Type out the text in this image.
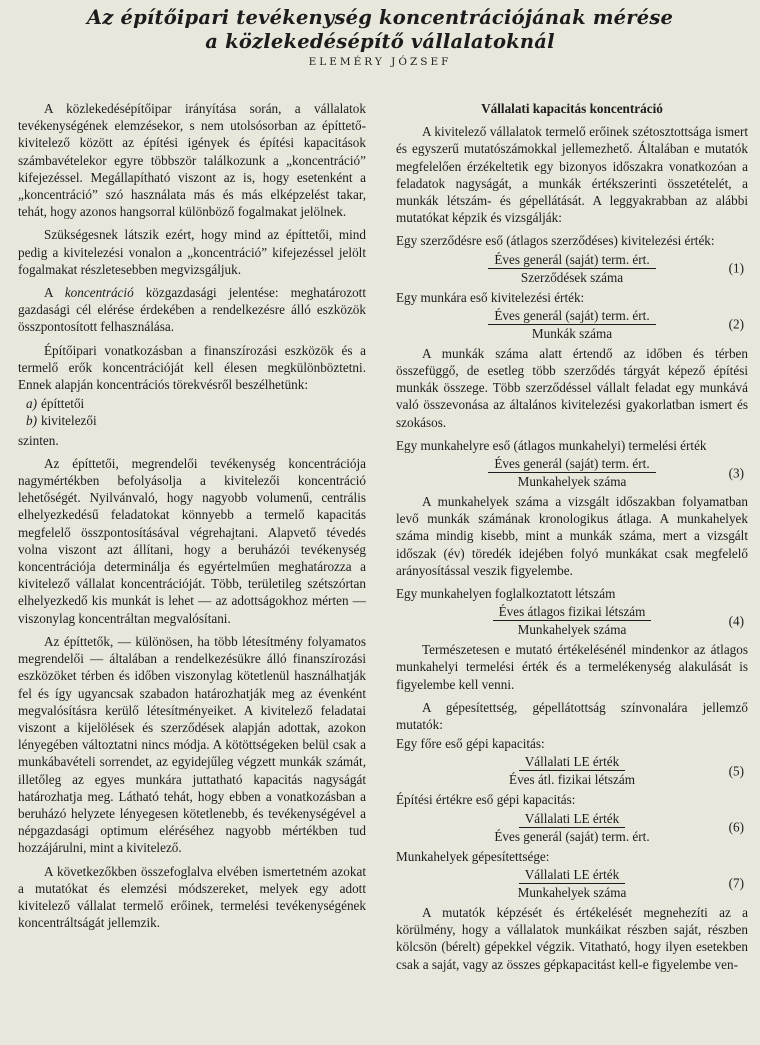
Az építőipari tevékenység koncentrációjának mérése
a közlekedésépítő vállalatoknál
ELEMÉRY JÓZSEF

A közlekedésépítőipar irányítása során, a vállalatok tevékenységének elemzésekor, s nem utolsósorban az építtető-kivitelező között az építési igények és építési kapacitások számbavételekor egyre többször találkozunk a „koncentráció” kifejezéssel. Megállapítható viszont az is, hogy esetenként a „koncentráció” szó használata más és más elképzelést takar, tehát, hogy azonos hangsorral különböző fogalmakat jelölnek.

Szükségesnek látszik ezért, hogy mind az építtetői, mind pedig a kivitelezési vonalon a „koncentráció” kifejezéssel jelölt fogalmakat részletesebben megvizsgáljuk.

A koncentráció közgazdasági jelentése: meghatározott gazdasági cél elérése érdekében a rendelkezésre álló eszközök összpontosított felhasználása.

Építőipari vonatkozásban a finanszírozási eszközök és a termelő erők koncentrációját kell élesen megkülönböztetni. Ennek alapján koncentrációs törekvésről beszélhetünk:

a) építtetői

b) kivitelezői

szinten.

Az építtetői, megrendelői tevékenység koncentrációja nagymértékben befolyásolja a kivitelezői koncentráció lehetőségét. Nyilvánvaló, hogy nagyobb volumenű, centrális elhelyezkedésű feladatokat könnyebb a termelő kapacitás megfelelő összpontosításával végrehajtani. Alapvető tévedés volna viszont azt állítani, hogy a beruházói tevékenység koncentrációja determinálja és egyértelműen meghatározza a kivitelező vállalat koncentrációját. Több, területileg szétszórtan elhelyezkedő kis munkát is lehet — az adottságokhoz mérten — viszonylag koncentráltan megvalósítani.

Az építtetők, — különösen, ha több létesítmény folyamatos megrendelői — általában a rendelkezésükre álló finanszírozási eszközöket térben és időben viszonylag kötetlenül használhatják fel és így ugyancsak szabadon határozhatják meg az évenként megvalósításra kerülő létesítményeiket. A kivitelező feladatai viszont a kijelölések és szerződések alapján adottak, azokon lényegében változtatni nincs módja. A kötöttségeken belül csak a munkábavételi sorrendet, az egyidejűleg végzett munkák számát, illetőleg az egyes munkára juttatható kapacitás nagyságát határozhatja meg. Látható tehát, hogy ebben a vonatkozásban a beruházó helyzete lényegesen kötetlenebb, és tevékenységével a népgazdasági optimum eléréséhez nagyobb mértékben tud hozzájárulni, mint a kivitelező.

A következőkben összefoglalva elvében ismertetném azokat a mutatókat és elemzési módszereket, melyek egy adott kivitelező vállalat termelő erőinek, termelési tevékenységének koncentráltságát jellemzik.

Vállalati kapacitás koncentráció

A kivitelező vállalatok termelő erőinek szétosztottsága ismert és egyszerű mutatószámokkal jellemezhető. Általában e mutatók megfelelően érzékeltetik egy bizonyos időszakra vonatkozóan a feladatok nagyságát, a munkák értékszerinti összetételét, a munkák létszám- és gépellátását. A leggyakrabban az alábbi mutatókat képzik és vizsgálják:

Egy szerződésre eső (átlagos szerződéses) kivitelezési érték:

$\frac{\text{Éves generál (saját) term. ért.}}{\text{Szerződések száma}}$	(1)

Egy munkára eső kivitelezési érték:

$\frac{\text{Éves generál (saját) term. ért.}}{\text{Munkák száma}}$	(2)

A munkák száma alatt értendő az időben és térben összefüggő, de esetleg több szerződés tárgyát képező építési munkák összege. Több szerződéssel vállalt feladat egy munkává való összevonása az általános kivitelezési gyakorlatban ismert és szokásos.

Egy munkahelyre eső (átlagos munkahelyi) termelési érték

$\frac{\text{Éves generál (saját) term. ért.}}{\text{Munkahelyek száma}}$	(3)

A munkahelyek száma a vizsgált időszakban folyamatban levő munkák számának kronologikus átlaga. A munkahelyek száma mindig kisebb, mint a munkák száma, mert a vizsgált időszak (év) töredék idejében folyó munkákat csak megfelelő arányosítással veszik figyelembe.

Egy munkahelyen foglalkoztatott létszám

$\frac{\text{Éves átlagos fizikai létszám}}{\text{Munkahelyek száma}}$	(4)

Természetesen e mutató értékelésénél mindenkor az átlagos munkahelyi termelési érték és a termelékenység alakulását is figyelembe kell venni.

A gépesítettség, gépellátottság színvonalára jellemző mutatók:

Egy főre eső gépi kapacitás:

$\frac{\text{Vállalati LE érték}}{\text{Éves átl. fizikai létszám}}$	(5)

Építési értékre eső gépi kapacitás:

$\frac{\text{Vállalati LE érték}}{\text{Éves generál (saját) term. ért.}}$	(6)

Munkahelyek gépesítettsége:

$\frac{\text{Vállalati LE érték}}{\text{Munkahelyek száma}}$	(7)

A mutatók képzését és értékelését megnehezíti az a körülmény, hogy a vállalatok munkáikat részben saját, részben kölcsön (bérelt) gépekkel végzik. Vitatható, hogy ilyen esetekben csak a saját, vagy az összes gépkapacitást kell-e figyelembe ven-
